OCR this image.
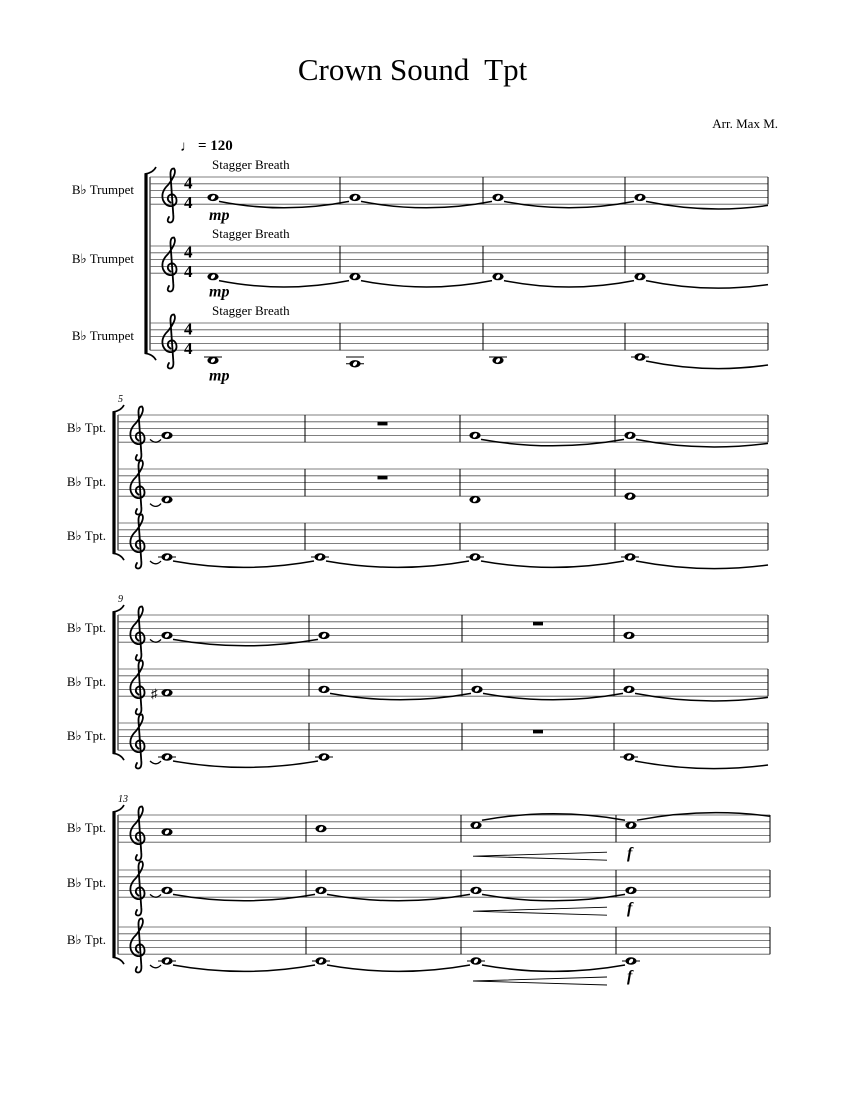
Crown Sound  Tpt
Arr. Max M.
B♭ Trumpet	4
4
Stagger Breath
mp
B♭ Trumpet	4
4
Stagger Breath
mp
B♭ Trumpet	4
4
Stagger Breath
mp
♩ = 120
5
B♭ Tpt.
B♭ Tpt.
B♭ Tpt.
9
B♭ Tpt.
B♭ Tpt.
♯
B♭ Tpt.
13
B♭ Tpt.
f
B♭ Tpt.
f
B♭ Tpt.
f
